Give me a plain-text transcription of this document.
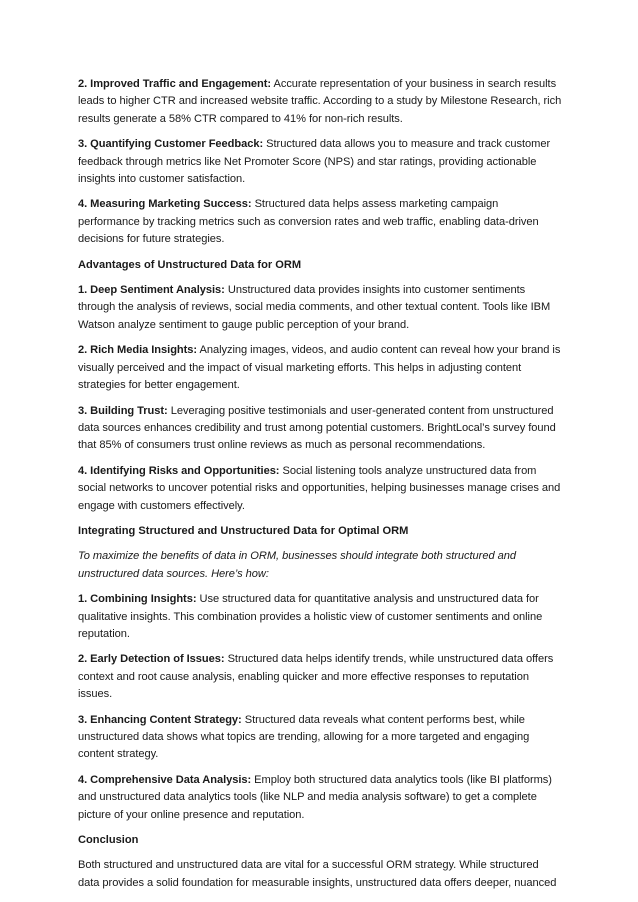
2. Improved Traffic and Engagement: Accurate representation of your business in search results leads to higher CTR and increased website traffic. According to a study by Milestone Research, rich results generate a 58% CTR compared to 41% for non-rich results.

3. Quantifying Customer Feedback: Structured data allows you to measure and track customer feedback through metrics like Net Promoter Score (NPS) and star ratings, providing actionable insights into customer satisfaction.

4. Measuring Marketing Success: Structured data helps assess marketing campaign performance by tracking metrics such as conversion rates and web traffic, enabling data-driven decisions for future strategies.

Advantages of Unstructured Data for ORM

1. Deep Sentiment Analysis: Unstructured data provides insights into customer sentiments through the analysis of reviews, social media comments, and other textual content. Tools like IBM Watson analyze sentiment to gauge public perception of your brand.

2. Rich Media Insights: Analyzing images, videos, and audio content can reveal how your brand is visually perceived and the impact of visual marketing efforts. This helps in adjusting content strategies for better engagement.

3. Building Trust: Leveraging positive testimonials and user-generated content from unstructured data sources enhances credibility and trust among potential customers. BrightLocal’s survey found that 85% of consumers trust online reviews as much as personal recommendations.

4. Identifying Risks and Opportunities: Social listening tools analyze unstructured data from social networks to uncover potential risks and opportunities, helping businesses manage crises and engage with customers effectively.

Integrating Structured and Unstructured Data for Optimal ORM

To maximize the benefits of data in ORM, businesses should integrate both structured and unstructured data sources. Here’s how:

1. Combining Insights: Use structured data for quantitative analysis and unstructured data for qualitative insights. This combination provides a holistic view of customer sentiments and online reputation.

2. Early Detection of Issues: Structured data helps identify trends, while unstructured data offers context and root cause analysis, enabling quicker and more effective responses to reputation issues.

3. Enhancing Content Strategy: Structured data reveals what content performs best, while unstructured data shows what topics are trending, allowing for a more targeted and engaging content strategy.

4. Comprehensive Data Analysis: Employ both structured data analytics tools (like BI platforms) and unstructured data analytics tools (like NLP and media analysis software) to get a complete picture of your online presence and reputation.

Conclusion

Both structured and unstructured data are vital for a successful ORM strategy. While structured data provides a solid foundation for measurable insights, unstructured data offers deeper, nuanced
